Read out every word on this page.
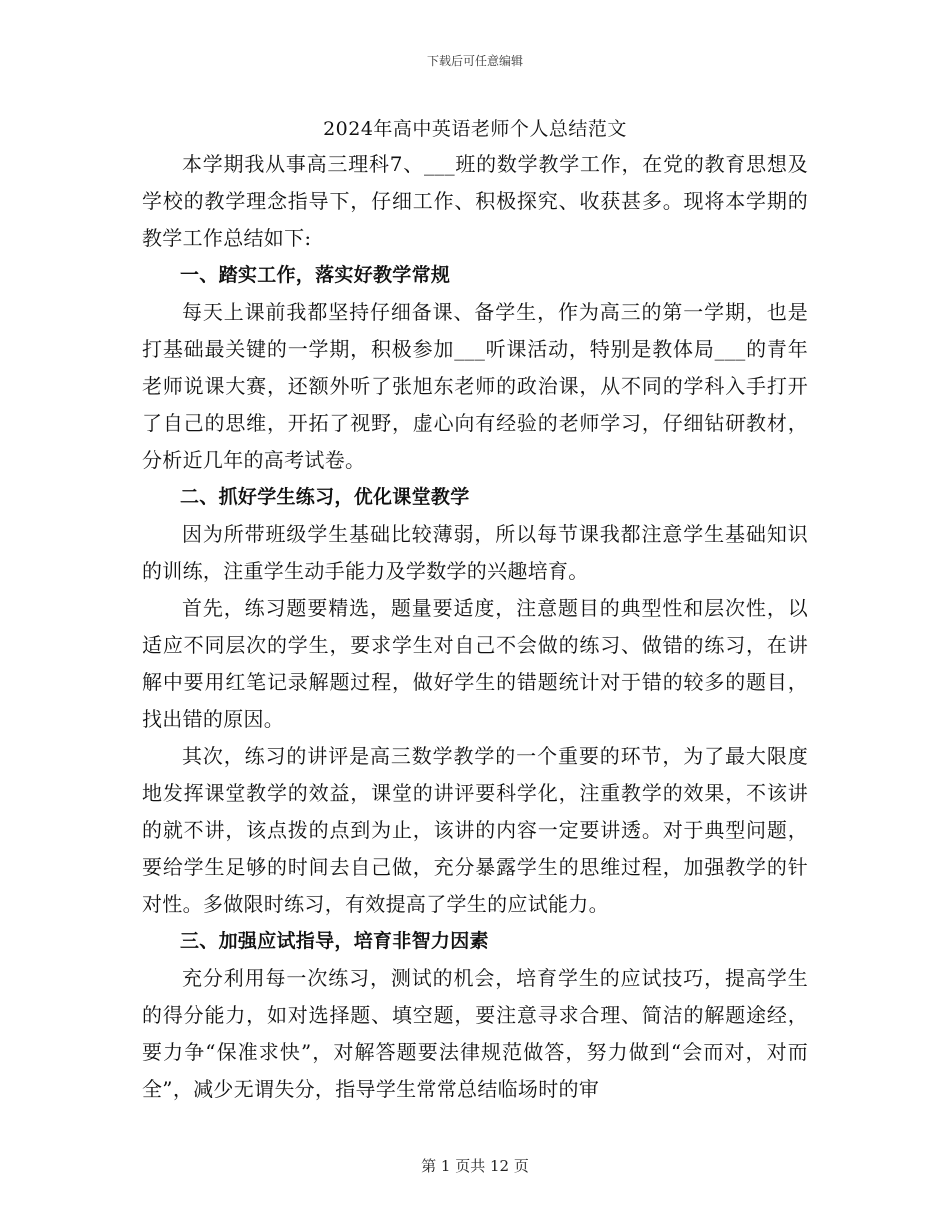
下载后可任意编辑
2024年高中英语老师个人总结范文

本学期我从事高三理科7、___班的数学教学工作，在党的教育思想及学校的教学理念指导下，仔细工作、积极探究、收获甚多。现将本学期的教学工作总结如下:

一、踏实工作，落实好教学常规

每天上课前我都坚持仔细备课、备学生，作为高三的第一学期，也是打基础最关键的一学期，积极参加___听课活动，特别是教体局___的青年老师说课大赛，还额外听了张旭东老师的政治课，从不同的学科入手打开了自己的思维，开拓了视野，虚心向有经验的老师学习，仔细钻研教材，分析近几年的高考试卷。

二、抓好学生练习，优化课堂教学

因为所带班级学生基础比较薄弱，所以每节课我都注意学生基础知识的训练，注重学生动手能力及学数学的兴趣培育。

首先，练习题要精选，题量要适度，注意题目的典型性和层次性，以适应不同层次的学生，要求学生对自己不会做的练习、做错的练习，在讲解中要用红笔记录解题过程，做好学生的错题统计对于错的较多的题目，找出错的原因。

其次，练习的讲评是高三数学教学的一个重要的环节，为了最大限度地发挥课堂教学的效益，课堂的讲评要科学化，注重教学的效果，不该讲的就不讲，该点拨的点到为止，该讲的内容一定要讲透。对于典型问题，要给学生足够的时间去自己做，充分暴露学生的思维过程，加强教学的针对性。多做限时练习，有效提高了学生的应试能力。

三、加强应试指导，培育非智力因素

充分利用每一次练习，测试的机会，培育学生的应试技巧，提高学生的得分能力，如对选择题、填空题，要注意寻求合理、简洁的解题途经，要力争“保准求快”，对解答题要法律规范做答，努力做到“会而对，对而全”，减少无谓失分，指导学生常常总结临场时的审

第 1 页共 12 页
